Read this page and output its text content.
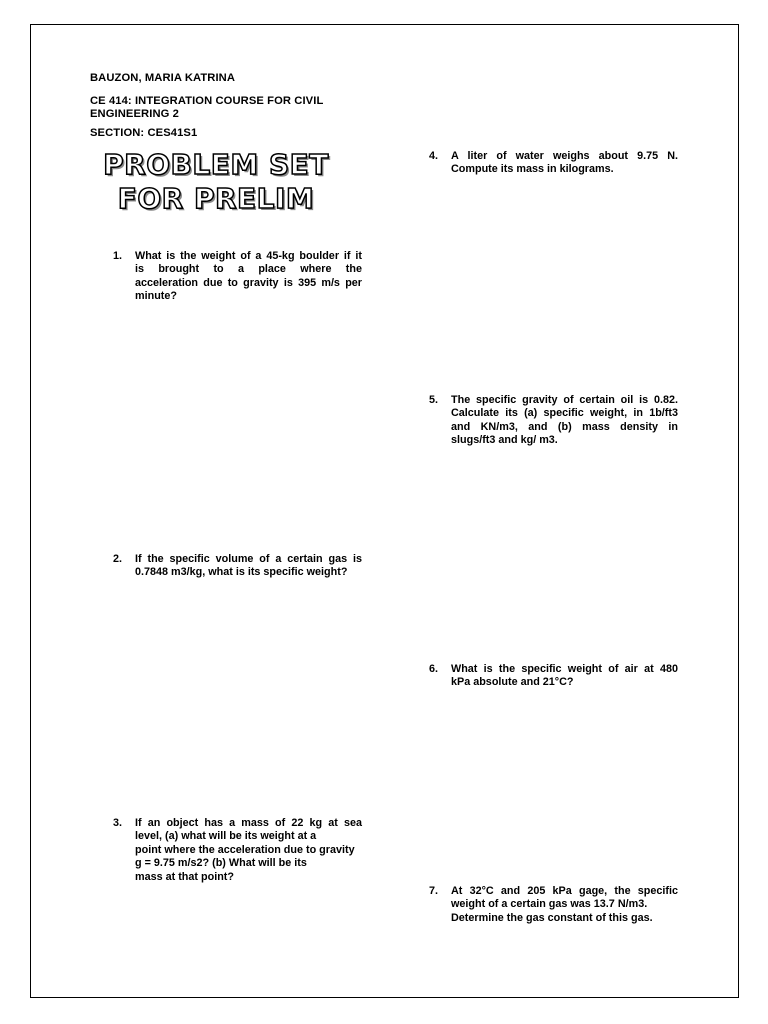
BAUZON, MARIA KATRINA
CE 414: INTEGRATION COURSE FOR CIVIL
ENGINEERING 2
SECTION: CES41S1
PROBLEM SET
FOR PRELIM
1. What is the weight of a 45-kg boulder if it
is brought to a place where the
acceleration due to gravity is 395 m/s per
minute?
2. If the specific volume of a certain gas is
0.7848 m3/kg, what is its specific weight?
3. If an object has a mass of 22 kg at sea
level, (a) what will be its weight at a
point where the acceleration due to gravity
g = 9.75 m/s2? (b) What will be its
mass at that point?
4. A liter of water weighs about 9.75 N.
Compute its mass in kilograms.
5. The specific gravity of certain oil is 0.82.
Calculate its (a) specific weight, in 1b/ft3
and KN/m3, and (b) mass density in
slugs/ft3 and kg/ m3.
6. What is the specific weight of air at 480
kPa absolute and 21°C?
7. At 32°C and 205 kPa gage, the specific
weight of a certain gas was 13.7 N/m3.
Determine the gas constant of this gas.
